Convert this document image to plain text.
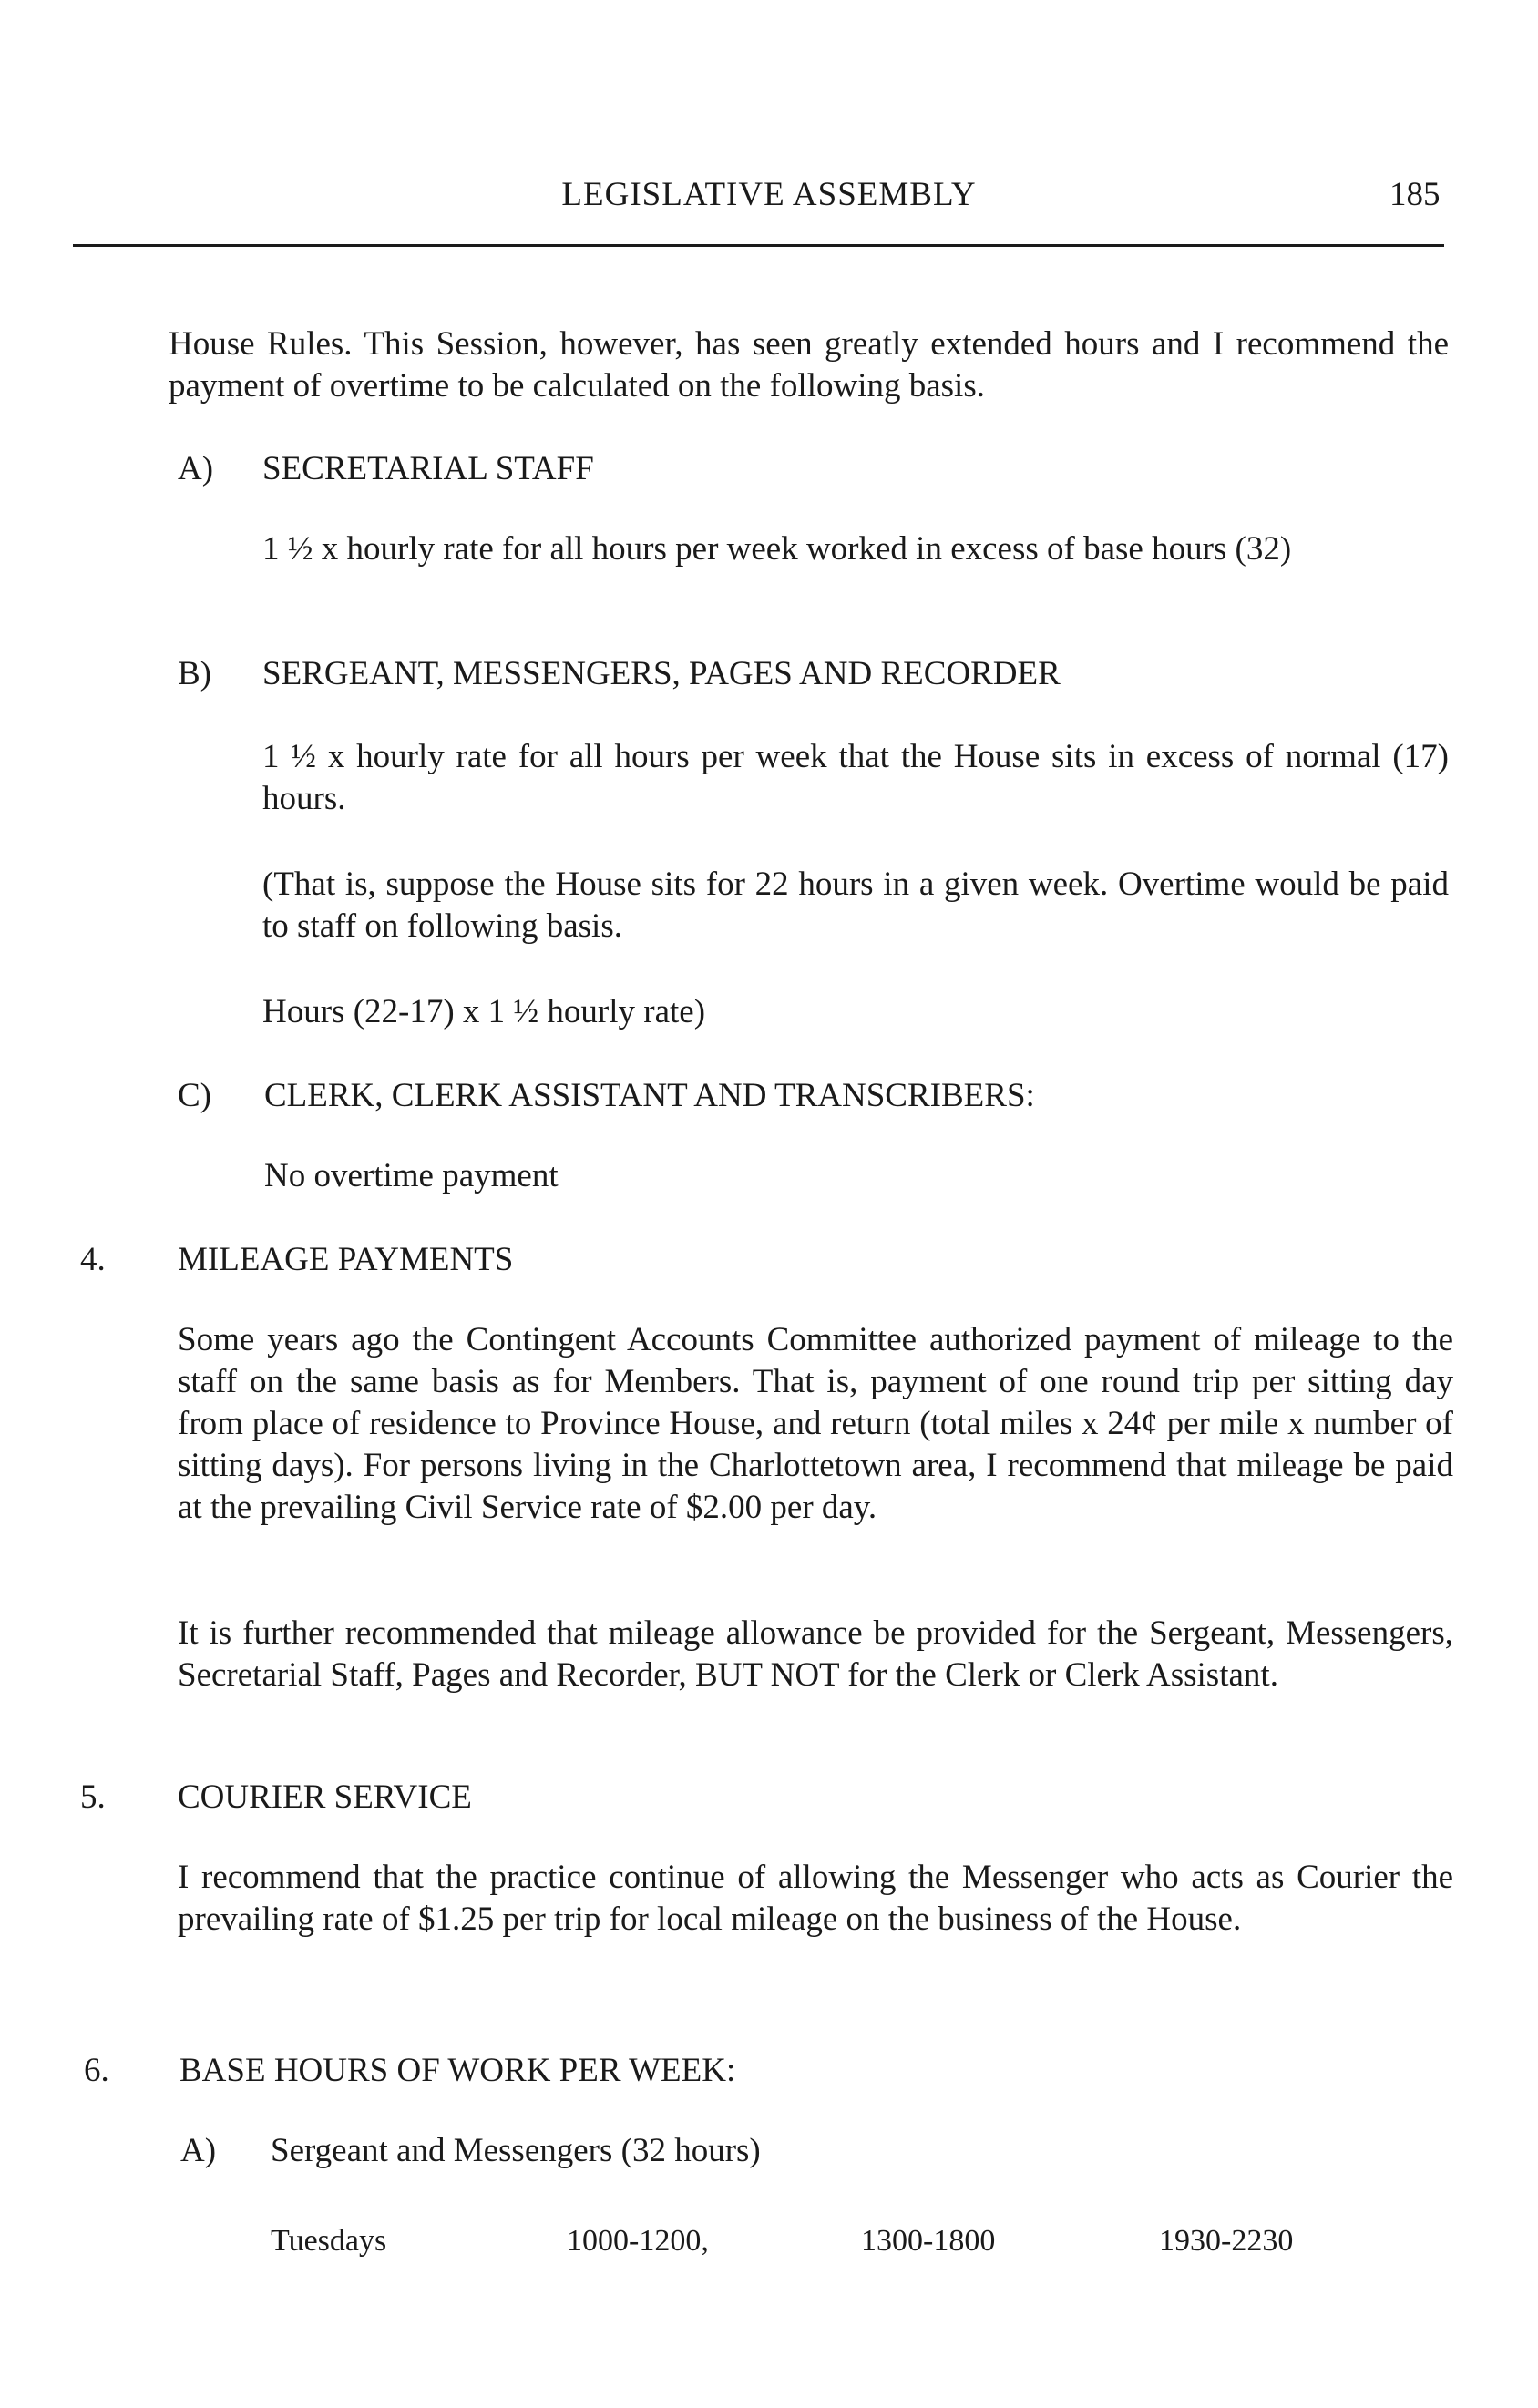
LEGISLATIVE ASSEMBLY	185
House Rules. This Session, however, has seen greatly extended hours and I recommend the payment of overtime to be calculated on the following basis.
A) SECRETARIAL STAFF
1 ½ x hourly rate for all hours per week worked in excess of base hours (32)
B) SERGEANT, MESSENGERS, PAGES AND RECORDER
1 ½ x hourly rate for all hours per week that the House sits in excess of normal (17) hours.
(That is, suppose the House sits for 22 hours in a given week. Overtime would be paid to staff on following basis.
Hours (22-17) x 1 ½ hourly rate)
C) CLERK, CLERK ASSISTANT AND TRANSCRIBERS:
No overtime payment
4. MILEAGE PAYMENTS
Some years ago the Contingent Accounts Committee authorized payment of mileage to the staff on the same basis as for Members. That is, payment of one round trip per sitting day from place of residence to Province House, and return (total miles x 24¢ per mile x number of sitting days). For persons living in the Charlottetown area, I recommend that mileage be paid at the prevailing Civil Service rate of $2.00 per day.
It is further recommended that mileage allowance be provided for the Sergeant, Messengers, Secretarial Staff, Pages and Recorder, BUT NOT for the Clerk or Clerk Assistant.
5. COURIER SERVICE
I recommend that the practice continue of allowing the Messenger who acts as Courier the prevailing rate of $1.25 per trip for local mileage on the business of the House.
6. BASE HOURS OF WORK PER WEEK:
A) Sergeant and Messengers (32 hours)
Tuesdays	1000-1200,	1300-1800	1930-2230
